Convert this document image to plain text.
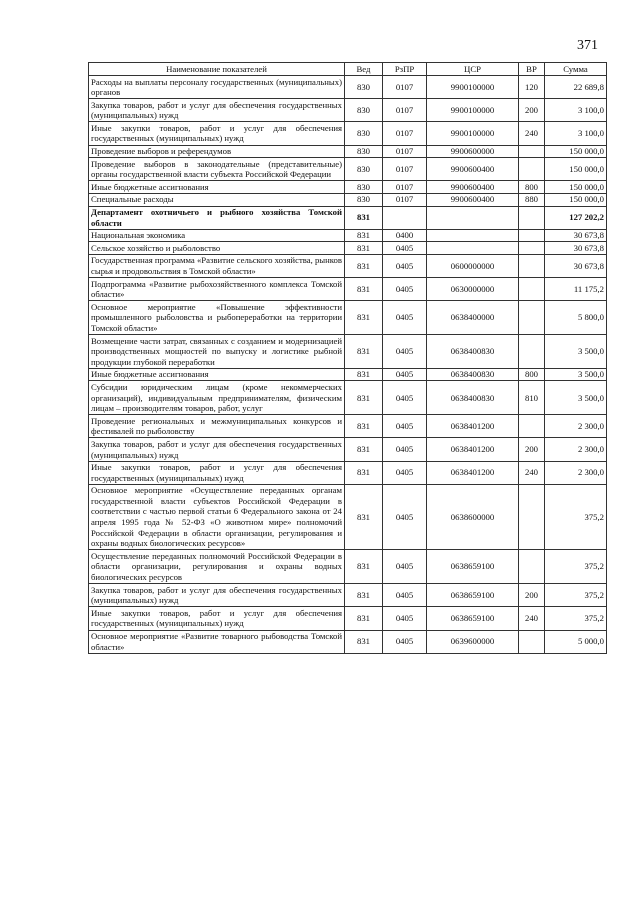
371
Наименование показателей	Вед	РзПР	ЦСР	ВР	Сумма
Расходы на выплаты персоналу государственных (муниципальных) органов	830	0107	9900100000	120	22 689,8
Закупка товаров, работ и услуг для обеспечения государственных (муниципальных) нужд	830	0107	9900100000	200	3 100,0
Иные закупки товаров, работ и услуг для обеспечения государственных (муниципальных) нужд	830	0107	9900100000	240	3 100,0
Проведение выборов и референдумов	830	0107	9900600000		150 000,0
Проведение выборов в законодательные (представительные) органы государственной власти субъекта Российской Федерации	830	0107	9900600400		150 000,0
Иные бюджетные ассигнования	830	0107	9900600400	800	150 000,0
Специальные расходы	830	0107	9900600400	880	150 000,0
Департамент охотничьего и рыбного хозяйства Томской области	831				127 202,2
Национальная экономика	831	0400			30 673,8
Сельское хозяйство и рыболовство	831	0405			30 673,8
Государственная программа «Развитие сельского хозяйства, рынков сырья и продовольствия в Томской области»	831	0405	0600000000		30 673,8
Подпрограмма «Развитие рыбохозяйственного комплекса Томской области»	831	0405	0630000000		11 175,2
Основное мероприятие «Повышение эффективности промышленного рыболовства и рыбопереработки на территории Томской области»	831	0405	0638400000		5 800,0
Возмещение части затрат, связанных с созданием и модернизацией производственных мощностей по выпуску и логистике рыбной продукции глубокой переработки	831	0405	0638400830		3 500,0
Иные бюджетные ассигнования	831	0405	0638400830	800	3 500,0
Субсидии юридическим лицам (кроме некоммерческих организаций), индивидуальным предпринимателям, физическим лицам – производителям товаров, работ, услуг	831	0405	0638400830	810	3 500,0
Проведение региональных и межмуниципальных конкурсов и фестивалей по рыболовству	831	0405	0638401200		2 300,0
Закупка товаров, работ и услуг для обеспечения государственных (муниципальных) нужд	831	0405	0638401200	200	2 300,0
Иные закупки товаров, работ и услуг для обеспечения государственных (муниципальных) нужд	831	0405	0638401200	240	2 300,0
Основное мероприятие «Осуществление переданных органам государственной власти субъектов Российской Федерации в соответствии с частью первой статьи 6 Федерального закона от 24 апреля 1995 года № 52-ФЗ «О животном мире» полномочий Российской Федерации в области организации, регулирования и охраны водных биологических ресурсов»	831	0405	0638600000		375,2
Осуществление переданных полномочий Российской Федерации в области организации, регулирования и охраны водных биологических ресурсов	831	0405	0638659100		375,2
Закупка товаров, работ и услуг для обеспечения государственных (муниципальных) нужд	831	0405	0638659100	200	375,2
Иные закупки товаров, работ и услуг для обеспечения государственных (муниципальных) нужд	831	0405	0638659100	240	375,2
Основное мероприятие «Развитие товарного рыбоводства Томской области»	831	0405	0639600000		5 000,0
